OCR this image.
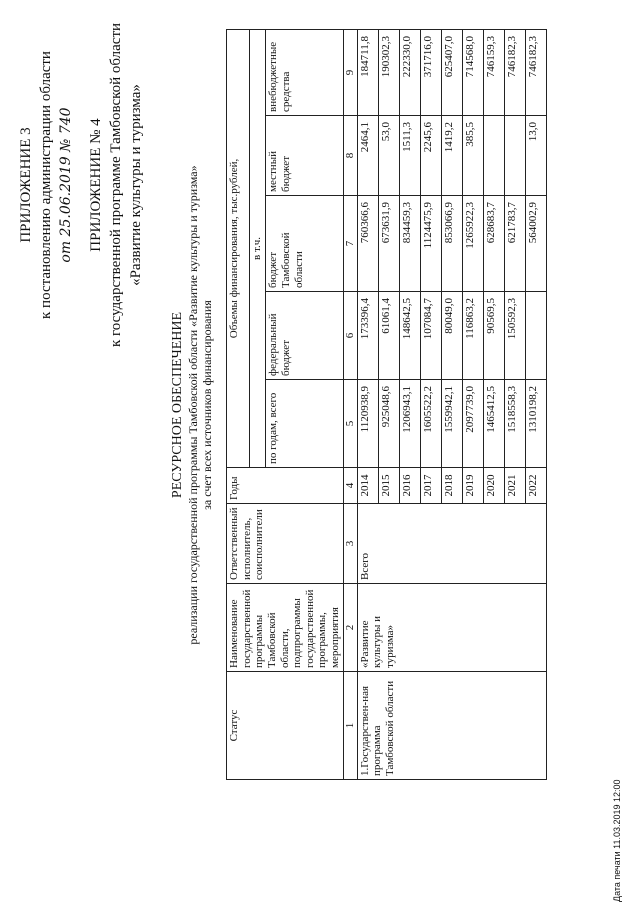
ПРИЛОЖЕНИЕ 3 к постановлению администрации области от 25.06.2019 № 740 ПРИЛОЖЕНИЕ № 4 к государственной программе Тамбовской области «Развитие культуры и туризма»
РЕСУРСНОЕ ОБЕСПЕЧЕНИЕ реализации государственной программы Тамбовской области «Развитие культуры и туризма» за счет всех источников финансирования
Статус	Наименование государственной программы Тамбовской области, подпрограммы государственной программы, мероприятия	Ответственный исполнитель, соисполнители	Годы	Объемы финансирования, тыс.рублей,				
				в т.ч.				
				по годам, всего	федеральный бюджет	бюджет Тамбовской области	местный бюджет	внебюджетные средства
1	2	3	4	5	6	7	8	9
1.Государствен-ная программа Тамбовской области	«Развитие культуры и туризма»	Всего	2014	1120938,9	173396,4	760366,6	2464,1	184711,8
			2015	925048,6	61061,4	673631,9	53,0	190302,3
			2016	1206943,1	148642,5	834459,3	1511,3	222330,0
			2017	1605522,2	107084,7	1124475,9	2245,6	371716,0
			2018	1559942,1	80049,0	853066,9	1419,2	625407,0
			2019	2097739,0	116863,2	1265922,3	385,5	714568,0
			2020	1465412,5	90569,5	628683,7		746159,3
			2021	1518558,3	150592,3	621783,7		746182,3
			2022	1310198,2		564002,9	13,0	746182,3
Дата печати 11.03.2019 12:00
